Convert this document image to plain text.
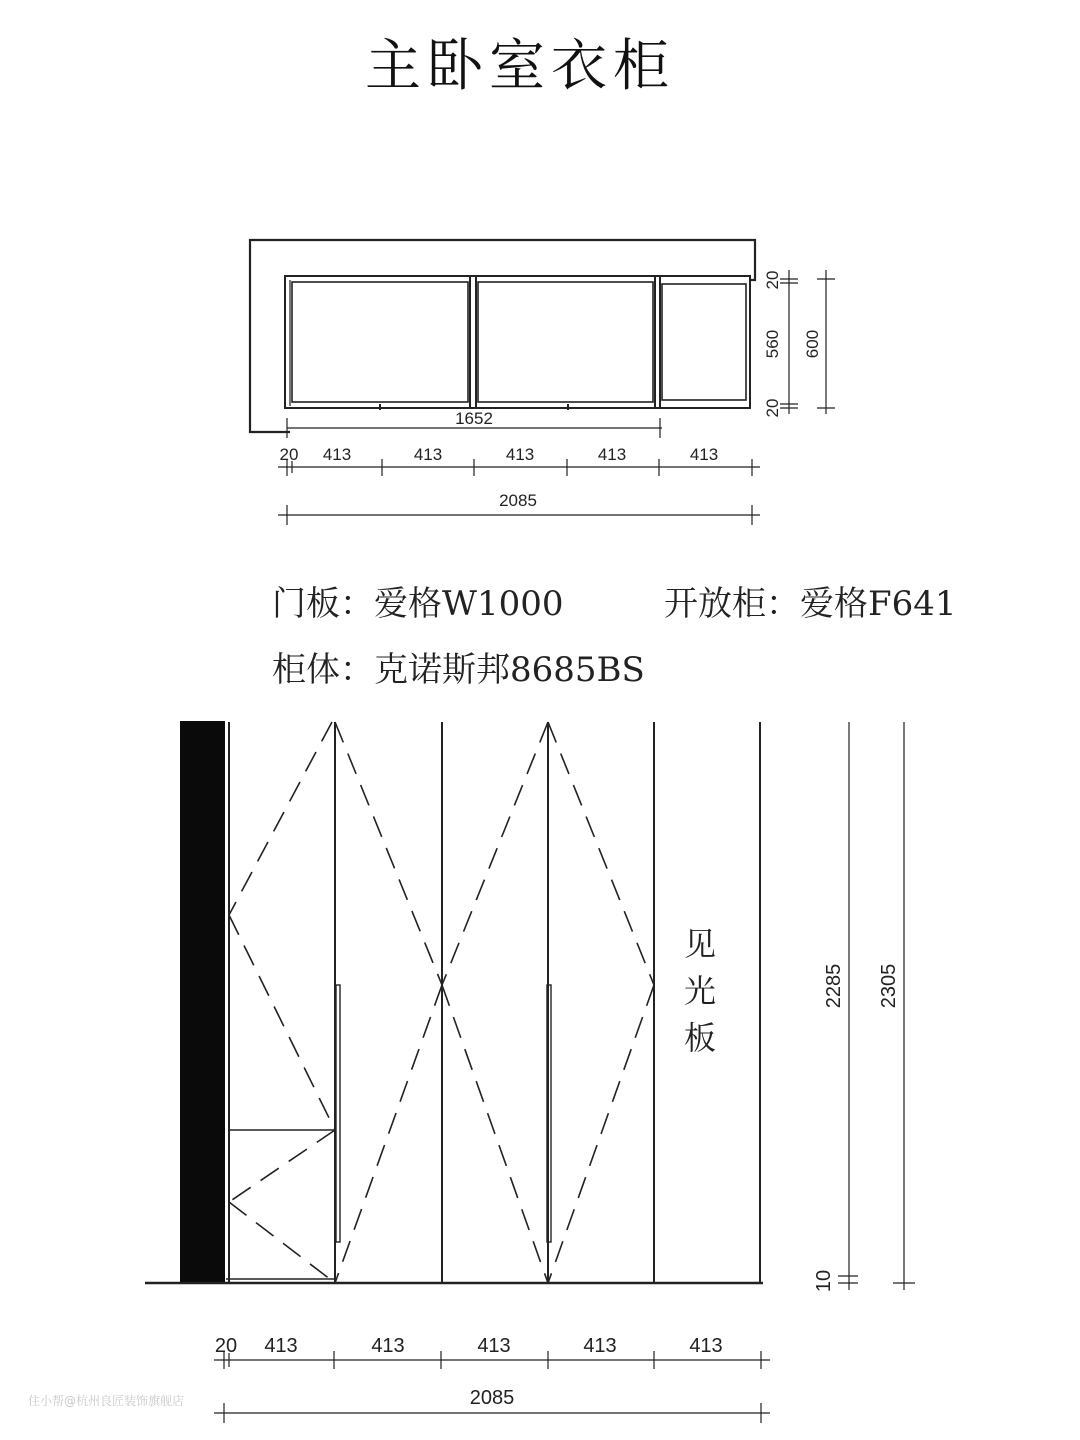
主卧室衣柜
1652
20 413	413	413	413	413
2085
20
560
20
600
见
光
板
2285 2305
10
20 413	413	413	413	413
2085
门板：爱格W1000	开放柜：爱格F641
柜体：克诺斯邦8685BS
住小帮@杭州良匠装饰旗舰店
